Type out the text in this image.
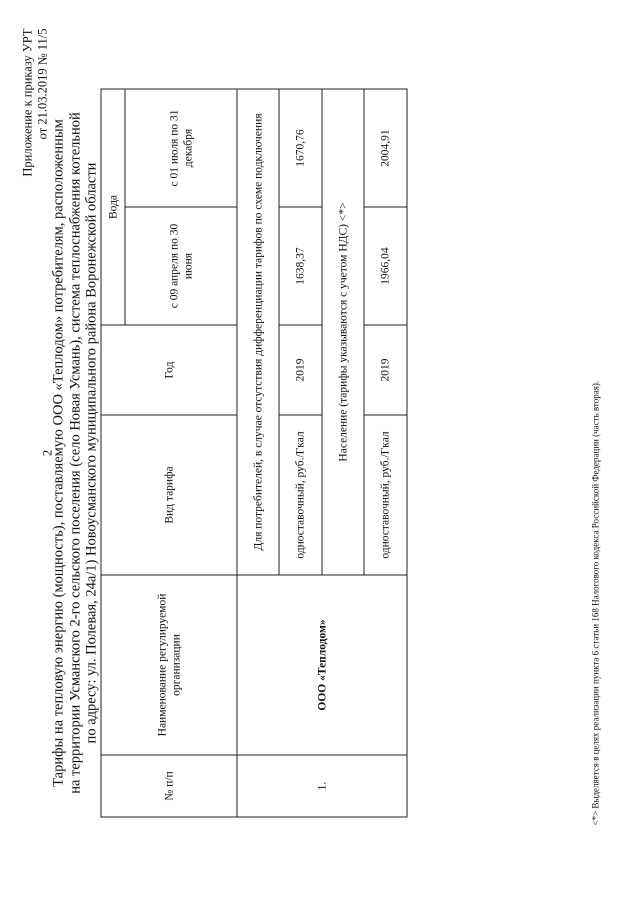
2
Приложение к приказу УРТ от 21.03.2019 № 11/5
Тарифы на тепловую энергию (мощность), поставляемую ООО «Теплодом» потребителям, расположенным на территории Усманского 2-го сельского поселения (село Новая Усмань), система теплоснабжения котельной по адресу: ул. Полевая, 24а/1) Новоусманского муниципального района Воронежской области
№ п/п	Наименование регулируемой организации	Вид тарифа	Год	Вода	
				с 09 апреля по 30 июня	с 01 июля по 31 декабря
1.	ООО «Теплодом»	Для потребителей, в случае отсутствия дифференциации тарифов по схеме подключения			
		одноставочный, руб./Гкал	2019	1638,37	1670,76
		Население (тарифы указываются с учетом НДС) <*>			
		одноставочный, руб./Гкал	2019	1966,04	2004,91
<*> Выделяется в целях реализации пункта 6 статьи 168 Налогового кодекса Российской Федерации (часть вторая).
